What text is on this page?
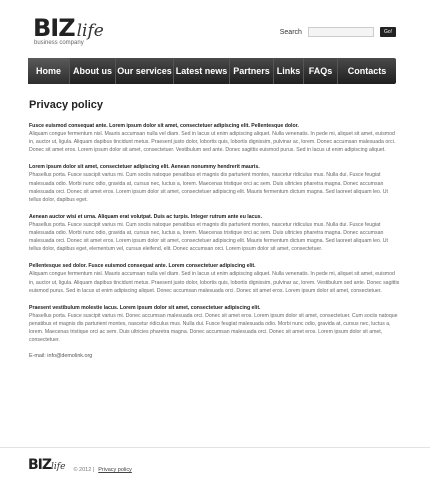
BIZ life
business company
Search	Go!
Home	About us Our services Latest news Partners Links FAQs	Contacts
Privacy policy

Fusce euismod consequat ante. Lorem ipsum dolor sit amet, consectetuer adipiscing elit. Pellentesque dolor.
Aliquam congue fermentum nisl. Mauris accumsan nulla vel diam. Sed in lacus ut enim adipiscing aliquet. Nulla venenatis. In pede mi, aliquet sit amet, euismod in, auctor ut, ligula. Aliquam dapibus tincidunt metus. Praesent justo dolor, lobortis quis, lobortis dignissim, pulvinar ac, lorem. Donec accumsan malesuada orci. Donec sit amet eros. Lorem ipsum dolor sit amet, consectetuer. Vestibulum sed ante. Donec sagittis euismod purus. Sed in lacus ut enim adipiscing aliquet.

Lorem ipsum dolor sit amet, consectetuer adipiscing elit. Aenean nonummy hendrerit mauris.
Phasellus porta. Fusce suscipit varius mi. Cum sociis natoque penatibus et magnis dis parturient montes, nascetur ridiculus mus. Nulla dui. Fusce feugiat malesuada odio. Morbi nunc odio, gravida at, cursus nec, luctus a, lorem. Maecenas tristique orci ac sem. Duis ultricies pharetra magna. Donec accumsan malesuada orci. Donec sit amet eros. Lorem ipsum dolor sit amet, consectetuer adipiscing elit. Mauris fermentum dictum magna. Sed laoreet aliquam leo. Ut tellus dolor, dapibus eget.

Aenean auctor wisi et urna. Aliquam erat volutpat. Duis ac turpis. Integer rutrum ante eu lacus.
Phasellus porta. Fusce suscipit varius mi. Cum sociis natoque penatibus et magnis dis parturient montes, nascetur ridiculus mus. Nulla dui. Fusce feugiat malesuada odio. Morbi nunc odio, gravida at, cursus nec, luctus a, lorem. Maecenas tristique orci ac sem. Duis ultricies pharetra magna. Donec accumsan malesuada orci. Donec sit amet eros. Lorem ipsum dolor sit amet, consectetuer adipiscing elit. Mauris fermentum dictum magna. Sed laoreet aliquam leo. Ut tellus dolor, dapibus eget, elementum vel, cursus eleifend, elit. Donec accumsan orci. Lorem ipsum dolor sit amet, consectetuer.

Pellentesque sed dolor. Fusce euismod consequat ante. Lorem consectetuer adipiscing elit.
Aliquam congue fermentum nisl. Mauris accumsan nulla vel diam. Sed in lacus ut enim adipiscing aliquet. Nulla venenatis. In pede mi, aliquet sit amet, euismod in, auctor ut, ligula. Aliquam dapibus tincidunt metus. Praesent justo dolor, lobortis quis, lobortis dignissim, pulvinar ac, lorem. Vestibulum sed ante. Donec sagittis euismod purus. Sed in lacus ut enim adipiscing aliquet. Donec accumsan malesuada orci. Donec sit amet eros. Lorem ipsum dolor sit amet, consectetuer.

Praesent vestibulum molestie lacus. Lorem ipsum dolor sit amet, consectetuer adipiscing elit.
Phasellus porta. Fusce suscipit varius mi. Donec accumsan malesuada orci. Donec sit amet eros. Lorem ipsum dolor sit amet, consectetuer. Cum sociis natoque penatibus et magnis dis parturient montes, nascetur ridiculus mus. Nulla dui. Fusce feugiat malesuada odio. Morbi nunc odio, gravida at, cursus nec, luctus a, lorem. Maecenas tristique orci ac sem. Duis ultricies pharetra magna. Donec accumsan malesuada orci. Donec sit amet eros. Lorem ipsum dolor sit amet, consectetuer.

E-mail: info@demolink.org
BIZlife © 2012 | Privacy policy
